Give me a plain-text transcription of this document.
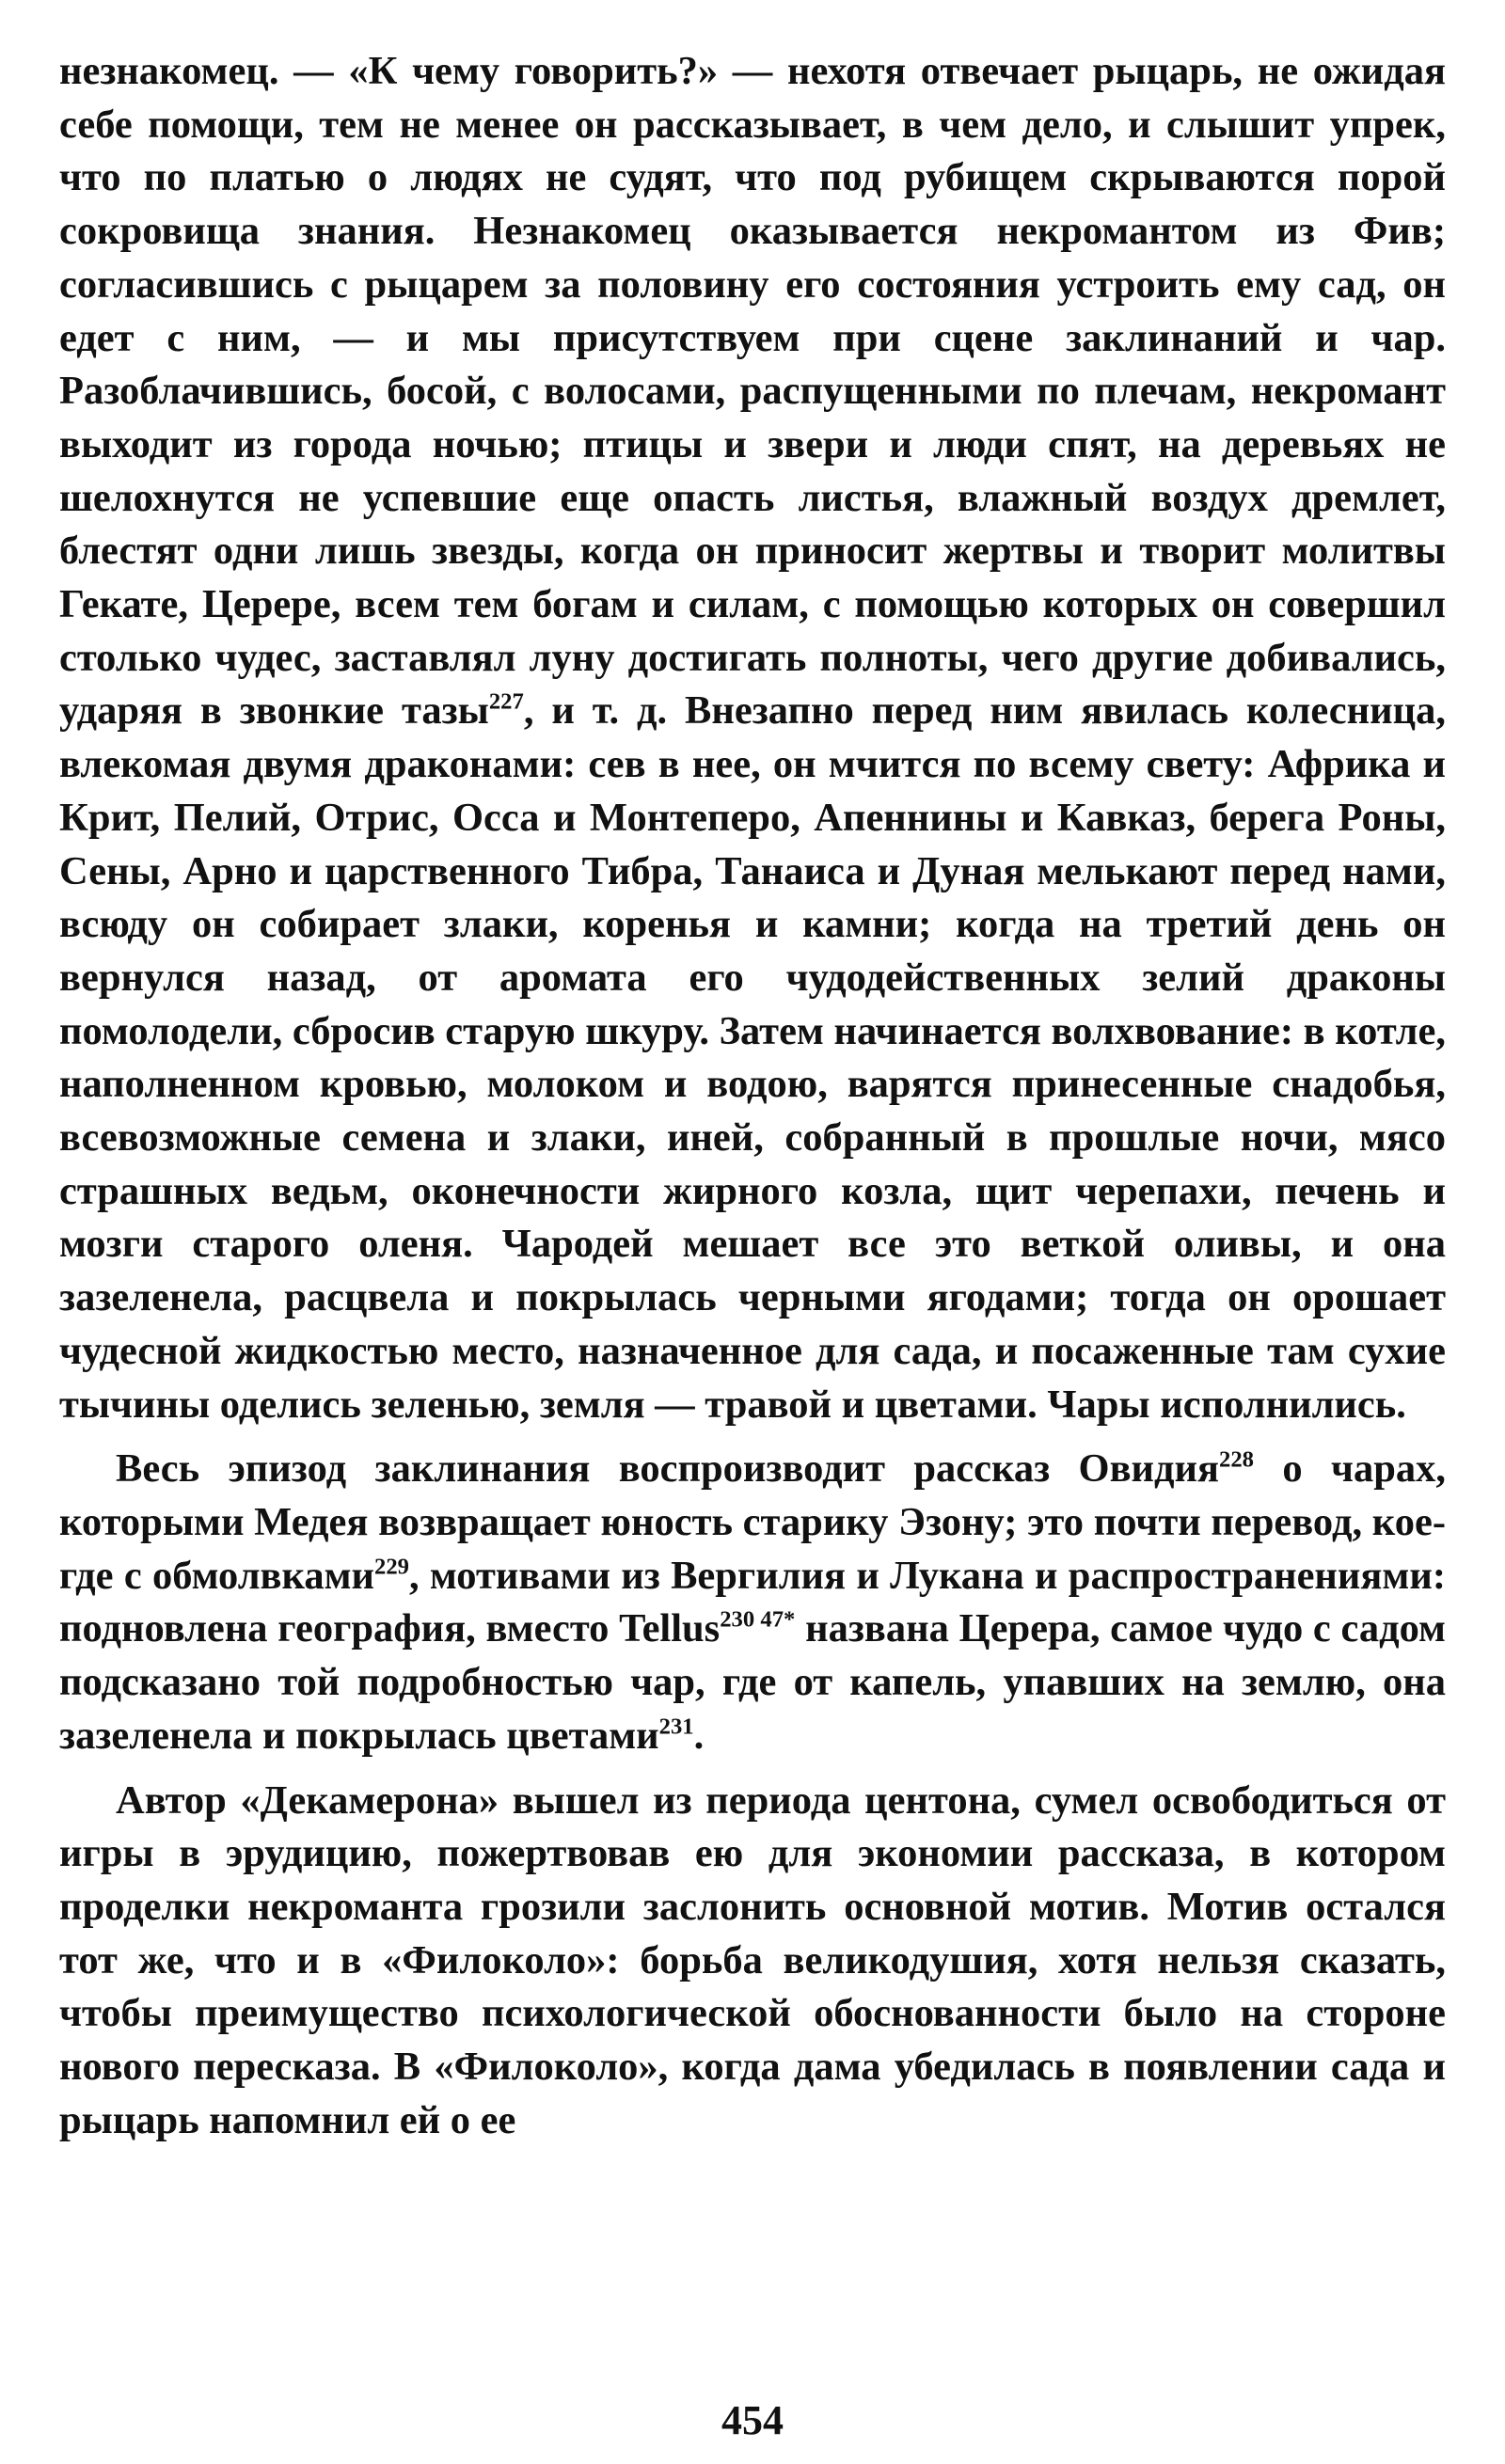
незнакомец. — «К чему говорить?» — нехотя отвечает рыцарь, не ожидая себе помощи, тем не менее он рассказывает, в чем дело, и слышит упрек, что по платью о людях не судят, что под рубищем скрываются порой сокровища знания. Незнакомец оказывается некромантом из Фив; согласившись с рыцарем за половину его состояния устроить ему сад, он едет с ним, — и мы присутствуем при сцене заклинаний и чар. Разоблачившись, босой, с волосами, распущенными по плечам, некромант выходит из города ночью; птицы и звери и люди спят, на деревьях не шелохнутся не успевшие еще опасть листья, влажный воздух дремлет, блестят одни лишь звезды, когда он приносит жертвы и творит молитвы Гекате, Церере, всем тем богам и силам, с помощью которых он совершил столько чудес, заставлял луну достигать полноты, чего другие добивались, ударяя в звонкие тазы$^{227}$, и т. д. Внезапно перед ним явилась колесница, влекомая двумя драконами: сев в нее, он мчится по всему свету: Африка и Крит, Пелий, Отрис, Осса и Монтеперо, Апеннины и Кавказ, берега Роны, Сены, Арно и царственного Тибра, Танаиса и Дуная мелькают перед нами, всюду он собирает злаки, коренья и камни; когда на третий день он вернулся назад, от аромата его чудодейственных зелий драконы помолодели, сбросив старую шкуру. Затем начинается волхвование: в котле, наполненном кровью, молоком и водою, варятся принесенные снадобья, всевозможные семена и злаки, иней, собранный в прошлые ночи, мясо страшных ведьм, оконечности жирного козла, щит черепахи, печень и мозги старого оленя. Чародей мешает все это веткой оливы, и она зазеленела, расцвела и покрылась черными ягодами; тогда он орошает чудесной жидкостью место, назначенное для сада, и посаженные там сухие тычины оделись зеленью, земля — травой и цветами. Чары исполнились.

Весь эпизод заклинания воспроизводит рассказ Овидия$^{228}$ о чарах, которыми Медея возвращает юность старику Эзону; это почти перевод, кое-где с обмолвками$^{229}$, мотивами из Вергилия и Лукана и распространениями: подновлена география, вместо Tellus$^{230 47*}$ названа Церера, самое чудо с садом подсказано той подробностью чар, где от капель, упавших на землю, она зазеленела и покрылась цветами$^{231}$.

Автор «Декамерона» вышел из периода центона, сумел освободиться от игры в эрудицию, пожертвовав ею для экономии рассказа, в котором проделки некроманта грозили заслонить основной мотив. Мотив остался тот же, что и в «Филоколо»: борьба великодушия, хотя нельзя сказать, чтобы преимущество психологической обоснованности было на стороне нового пересказа. В «Филоколо», когда дама убедилась в появлении сада и рыцарь напомнил ей о ее

454
